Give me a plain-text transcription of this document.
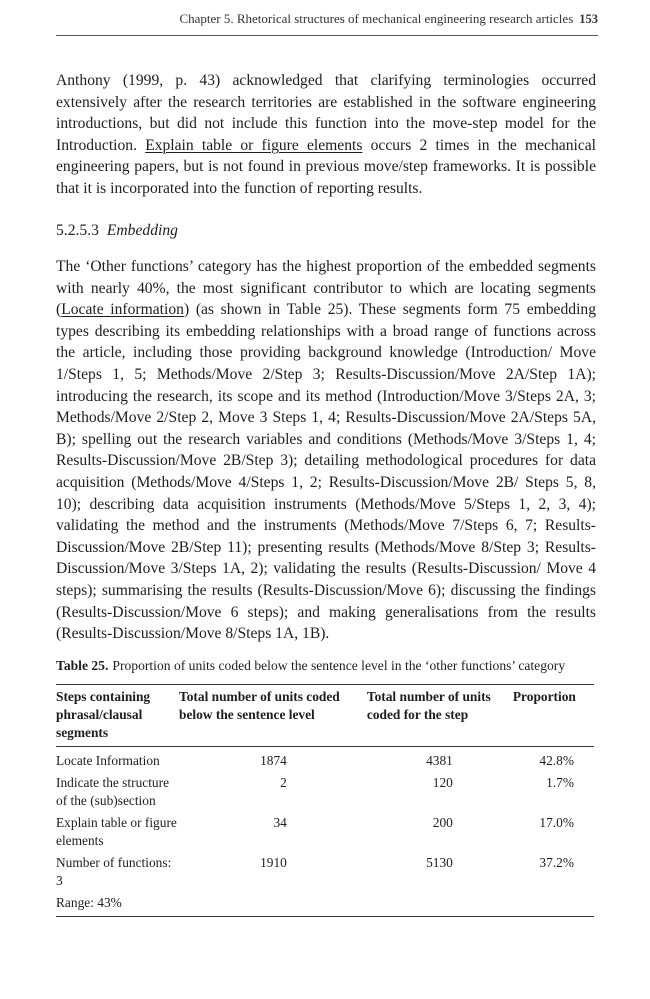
Chapter 5. Rhetorical structures of mechanical engineering research articles 153

Anthony (1999, p. 43) acknowledged that clarifying terminologies occurred extensively after the research territories are established in the software engineering introductions, but did not include this function into the move-step model for the Introduction. Explain table or figure elements occurs 2 times in the mechanical engineering papers, but is not found in previous move/step frameworks. It is possible that it is incorporated into the function of reporting results.

5.2.5.3 Embedding

The ‘Other functions’ category has the highest proportion of the embedded segments with nearly 40%, the most significant contributor to which are locating segments (Locate information) (as shown in Table 25). These segments form 75 embedding types describing its embedding relationships with a broad range of functions across the article, including those providing background knowledge (Introduction/ Move 1/Steps 1, 5; Methods/Move 2/Step 3; Results-Discussion/Move 2A/Step 1A); introducing the research, its scope and its method (Introduction/Move 3/Steps 2A, 3; Methods/Move 2/Step 2, Move 3 Steps 1, 4; Results-Discussion/Move 2A/Steps 5A, B); spelling out the research variables and conditions (Methods/Move 3/Steps 1, 4; Results-Discussion/Move 2B/Step 3); detailing methodological procedures for data acquisition (Methods/Move 4/Steps 1, 2; Results-Discussion/Move 2B/ Steps 5, 8, 10); describing data acquisition instruments (Methods/Move 5/Steps 1, 2, 3, 4); validating the method and the instruments (Methods/Move 7/Steps 6, 7; Results-Discussion/Move 2B/Step 11); presenting results (Methods/Move 8/Step 3; Results-Discussion/Move 3/Steps 1A, 2); validating the results (Results-Discussion/ Move 4 steps); summarising the results (Results-Discussion/Move 6); discussing the findings (Results-Discussion/Move 6 steps); and making generalisations from the results (Results-Discussion/Move 8/Steps 1A, 1B).

Table 25. Proportion of units coded below the sentence level in the ‘other functions’ category

Steps containing phrasal/clausal segments	Total number of units coded below the sentence level	Total number of units coded for the step	Proportion
Locate Information	1874	4381	42.8%
Indicate the structure of the (sub)section	2	120	1.7%
Explain table or figure elements	34	200	17.0%
Number of functions: 3	1910	5130	37.2%
Range: 43%			
